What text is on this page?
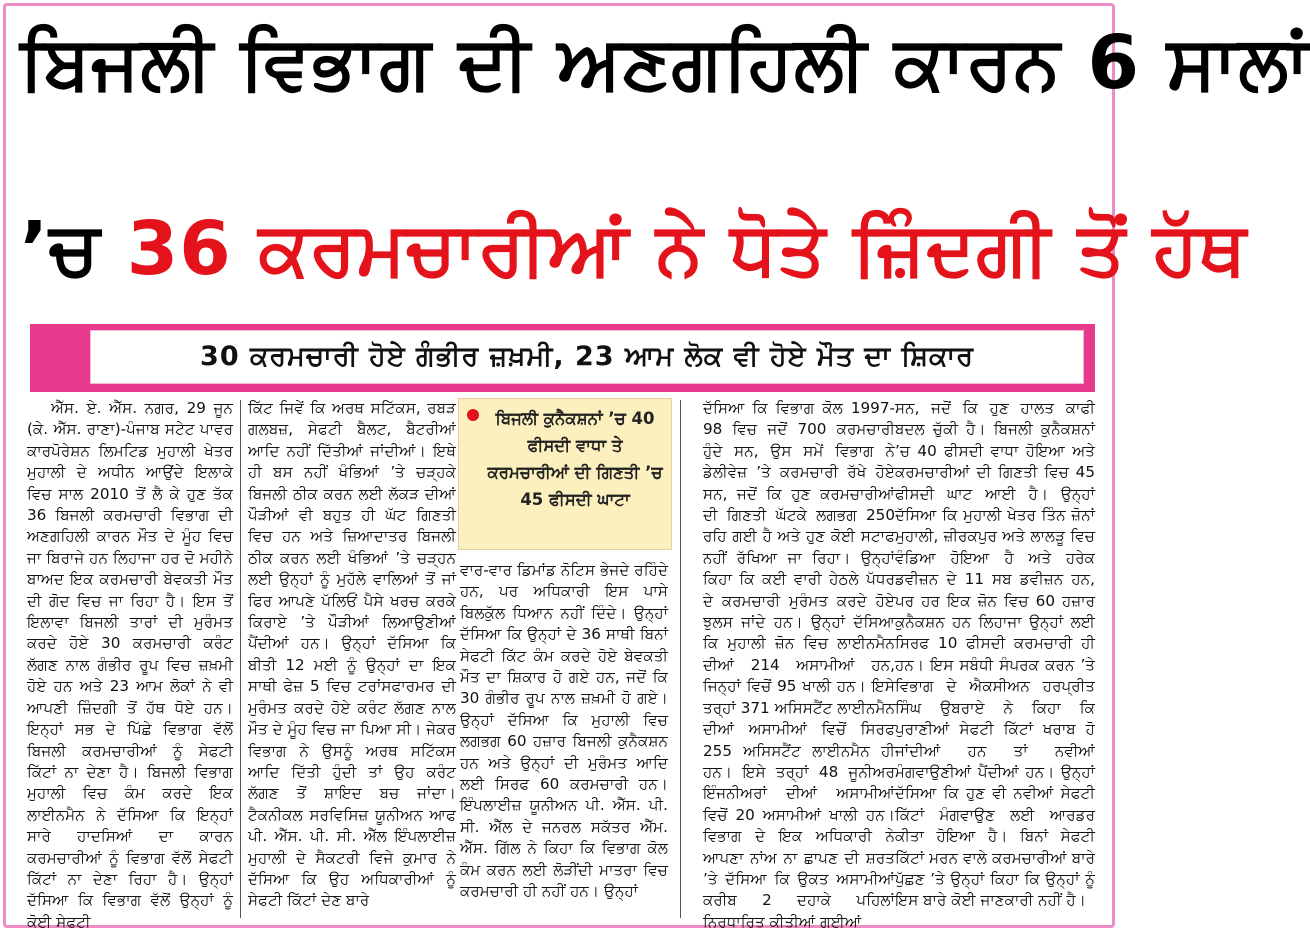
ਬਿਜਲੀ ਵਿਭਾਗ ਦੀ ਅਣਗਹਿਲੀ ਕਾਰਨ 6 ਸਾਲਾਂ
’ਚ 36 ਕਰਮਚਾਰੀਆਂ ਨੇ ਧੋਤੇ ਜ਼ਿੰਦਗੀ ਤੋਂ ਹੱਥ
30 ਕਰਮਚਾਰੀ ਹੋਏ ਗੰਭੀਰ ਜ਼ਖ਼ਮੀ, 23 ਆਮ ਲੋਕ ਵੀ ਹੋਏ ਮੌਤ ਦਾ ਸ਼ਿਕਾਰ

ਐੱਸ. ਏ. ਐੱਸ. ਨਗਰ, 29 ਜੂਨ (ਕੇ. ਐੱਸ. ਰਾਣਾ)-ਪੰਜਾਬ ਸਟੇਟ ਪਾਵਰ ਕਾਰਪੋਰੇਸ਼ਨ ਲਿਮਟਿਡ ਮੁਹਾਲੀ ਖੇਤਰ ਮੁਹਾਲੀ ਦੇ ਅਧੀਨ ਆਉਂਦੇ ਇਲਾਕੇ ਵਿਚ ਸਾਲ 2010 ਤੋਂ ਲੈ ਕੇ ਹੁਣ ਤੱਕ 36 ਬਿਜਲੀ ਕਰਮਚਾਰੀ ਵਿਭਾਗ ਦੀ ਅਣਗਹਿਲੀ ਕਾਰਨ ਮੌਤ ਦੇ ਮੂੰਹ ਵਿਚ ਜਾ ਬਿਰਾਜੇ ਹਨ ਲਿਹਾਜਾ ਹਰ ਦੋ ਮਹੀਨੇ ਬਾਅਦ ਇਕ ਕਰਮਚਾਰੀ ਬੇਵਕਤੀ ਮੌਤ ਦੀ ਗੋਦ ਵਿਚ ਜਾ ਰਿਹਾ ਹੈ। ਇਸ ਤੋਂ ਇਲਾਵਾ ਬਿਜਲੀ ਤਾਰਾਂ ਦੀ ਮੁਰੰਮਤ ਕਰਦੇ ਹੋਏ 30 ਕਰਮਚਾਰੀ ਕਰੰਟ ਲੱਗਣ ਨਾਲ ਗੰਭੀਰ ਰੂਪ ਵਿਚ ਜ਼ਖ਼ਮੀ ਹੋਏ ਹਨ ਅਤੇ 23 ਆਮ ਲੋਕਾਂ ਨੇ ਵੀ ਆਪਣੀ ਜ਼ਿੰਦਗੀ ਤੋਂ ਹੱਥ ਧੋਏ ਹਨ। ਇਨ੍ਹਾਂ ਸਭ ਦੇ ਪਿੱਛੇ ਵਿਭਾਗ ਵੱਲੋਂ ਬਿਜਲੀ ਕਰਮਚਾਰੀਆਂ ਨੂੰ ਸੇਫਟੀ ਕਿੱਟਾਂ ਨਾ ਦੇਣਾ ਹੈ। ਬਿਜਲੀ ਵਿਭਾਗ ਮੁਹਾਲੀ ਵਿਚ ਕੰਮ ਕਰਦੇ ਇਕ ਲਾਈਨਮੈਨ ਨੇ ਦੱਸਿਆ ਕਿ ਇਨ੍ਹਾਂ ਸਾਰੇ ਹਾਦਸਿਆਂ ਦਾ ਕਾਰਨ ਕਰਮਚਾਰੀਆਂ ਨੂੰ ਵਿਭਾਗ ਵੱਲੋਂ ਸੇਫਟੀ ਕਿੱਟਾਂ ਨਾ ਦੇਣਾ ਰਿਹਾ ਹੈ। ਉਨ੍ਹਾਂ ਦੱਸਿਆ ਕਿ ਵਿਭਾਗ ਵੱਲੋਂ ਉਨ੍ਹਾਂ ਨੂੰ ਕੋਈ ਸੇਫਟੀ

ਕਿੱਟ ਜਿਵੇਂ ਕਿ ਅਰਥ ਸਟਿੱਕਸ, ਰਬੜ ਗਲਬਜ਼, ਸੇਫਟੀ ਬੈਲਟ, ਬੈਟਰੀਆਂ ਆਦਿ ਨਹੀਂ ਦਿੱਤੀਆਂ ਜਾਂਦੀਆਂ। ਇਥੇ ਹੀ ਬਸ ਨਹੀਂ ਖੰਭਿਆਂ ’ਤੇ ਚੜ੍ਹਕੇ ਬਿਜਲੀ ਠੀਕ ਕਰਨ ਲਈ ਲੱਕੜ ਦੀਆਂ ਪੌੜੀਆਂ ਵੀ ਬਹੁਤ ਹੀ ਘੱਟ ਗਿਣਤੀ ਵਿਚ ਹਨ ਅਤੇ ਜ਼ਿਆਦਾਤਰ ਬਿਜਲੀ ਠੀਕ ਕਰਨ ਲਈ ਖੰਭਿਆਂ ’ਤੇ ਚੜ੍ਹਨ ਲਈ ਉਨ੍ਹਾਂ ਨੂੰ ਮੁਹੱਲੇ ਵਾਲਿਆਂ ਤੋਂ ਜਾਂ ਫਿਰ ਆਪਣੇ ਪੱਲਿਓਂ ਪੈਸੇ ਖਰਚ ਕਰਕੇ ਕਿਰਾਏ ’ਤੇ ਪੌੜੀਆਂ ਲਿਆਉਣੀਆਂ ਪੈਂਦੀਆਂ ਹਨ। ਉਨ੍ਹਾਂ ਦੱਸਿਆ ਕਿ ਬੀਤੀ 12 ਮਈ ਨੂੰ ਉਨ੍ਹਾਂ ਦਾ ਇਕ ਸਾਥੀ ਫੇਜ਼ 5 ਵਿਚ ਟਰਾਂਸਫਾਰਮਰ ਦੀ ਮੁਰੰਮਤ ਕਰਦੇ ਹੋਏ ਕਰੰਟ ਲੱਗਣ ਨਾਲ ਮੌਤ ਦੇ ਮੂੰਹ ਵਿਚ ਜਾ ਪਿਆ ਸੀ। ਜੇਕਰ ਵਿਭਾਗ ਨੇ ਉਸਨੂੰ ਅਰਥ ਸਟਿੱਕਸ ਆਦਿ ਦਿੱਤੀ ਹੁੰਦੀ ਤਾਂ ਉਹ ਕਰੰਟ ਲੱਗਣ ਤੋਂ ਸ਼ਾਇਦ ਬਚ ਜਾਂਦਾ। ਟੈਕਨੀਕਲ ਸਰਵਿਸਿਜ਼ ਯੂਨੀਅਨ ਆਫ ਪੀ. ਐੱਸ. ਪੀ. ਸੀ. ਐੱਲ ਇੰਪਲਾਈਜ਼ ਮੁਹਾਲੀ ਦੇ ਸੈਕਟਰੀ ਵਿਜੇ ਕੁਮਾਰ ਨੇ ਦੱਸਿਆ ਕਿ ਉਹ ਅਧਿਕਾਰੀਆਂ ਨੂੰ ਸੇਫਟੀ ਕਿੱਟਾਂ ਦੇਣ ਬਾਰੇ

ਬਿਜਲੀ ਕੁਨੈਕਸ਼ਨਾਂ ’ਚ 40 ਫੀਸਦੀ ਵਾਧਾ ਤੇ ਕਰਮਚਾਰੀਆਂ ਦੀ ਗਿਣਤੀ ’ਚ 45 ਫੀਸਦੀ ਘਾਟਾ

ਵਾਰ-ਵਾਰ ਡਿਮਾਂਡ ਨੋਟਿਸ ਭੇਜਦੇ ਰਹਿੰਦੇ ਹਨ, ਪਰ ਅਧਿਕਾਰੀ ਇਸ ਪਾਸੇ ਬਿਲਕੁੱਲ ਧਿਆਨ ਨਹੀਂ ਦਿੰਦੇ। ਉਨ੍ਹਾਂ ਦੱਸਿਆ ਕਿ ਉਨ੍ਹਾਂ ਦੇ 36 ਸਾਥੀ ਬਿਨਾਂ ਸੇਫਟੀ ਕਿੱਟ ਕੰਮ ਕਰਦੇ ਹੋਏ ਬੇਵਕਤੀ ਮੌਤ ਦਾ ਸ਼ਿਕਾਰ ਹੋ ਗਏ ਹਨ, ਜਦੋਂ ਕਿ 30 ਗੰਭੀਰ ਰੂਪ ਨਾਲ ਜ਼ਖ਼ਮੀ ਹੋ ਗਏ। ਉਨ੍ਹਾਂ ਦੱਸਿਆ ਕਿ ਮੁਹਾਲੀ ਵਿਚ ਲਗਭਗ 60 ਹਜ਼ਾਰ ਬਿਜਲੀ ਕੁਨੈਕਸ਼ਨ ਹਨ ਅਤੇ ਉਨ੍ਹਾਂ ਦੀ ਮੁਰੰਮਤ ਆਦਿ ਲਈ ਸਿਰਫ 60 ਕਰਮਚਾਰੀ ਹਨ। ਇੰਪਲਾਈਜ਼ ਯੂਨੀਅਨ ਪੀ. ਐੱਸ. ਪੀ. ਸੀ. ਐੱਲ ਦੇ ਜਨਰਲ ਸਕੱਤਰ ਐੱਮ. ਐੱਸ. ਗਿੱਲ ਨੇ ਕਿਹਾ ਕਿ ਵਿਭਾਗ ਕੋਲ ਕੰਮ ਕਰਨ ਲਈ ਲੋੜੀਂਦੀ ਮਾਤਰਾ ਵਿਚ ਕਰਮਚਾਰੀ ਹੀ ਨਹੀਂ ਹਨ। ਉਨ੍ਹਾਂ

ਦੱਸਿਆ ਕਿ ਵਿਭਾਗ ਕੋਲ 1997-98 ਵਿਚ ਜਦੋਂ 700 ਕਰਮਚਾਰੀ ਹੁੰਦੇ ਸਨ, ਉਸ ਸਮੇਂ ਵਿਭਾਗ ਨੇ ਡੇਲੀਵੇਜ਼ ’ਤੇ ਕਰਮਚਾਰੀ ਰੱਖੇ ਹੋਏ ਸਨ, ਜਦੋਂ ਕਿ ਹੁਣ ਕਰਮਚਾਰੀਆਂ ਦੀ ਗਿਣਤੀ ਘੱਟਕੇ ਲਗਭਗ 250 ਰਹਿ ਗਈ ਹੈ ਅਤੇ ਹੁਣ ਕੋਈ ਸਟਾਫ ਨਹੀਂ ਰੱਖਿਆ ਜਾ ਰਿਹਾ। ਉਨ੍ਹਾਂ ਕਿਹਾ ਕਿ ਕਈ ਵਾਰੀ ਹੇਠਲੇ ਪੱਧਰ ਦੇ ਕਰਮਚਾਰੀ ਮੁਰੰਮਤ ਕਰਦੇ ਹੋਏ ਝੁਲਸ ਜਾਂਦੇ ਹਨ। ਉਨ੍ਹਾਂ ਦੱਸਿਆ ਕਿ ਮੁਹਾਲੀ ਜ਼ੋਨ ਵਿਚ ਲਾਈਨਮੈਨ ਦੀਆਂ 214 ਅਸਾਮੀਆਂ ਹਨ, ਜਿਨ੍ਹਾਂ ਵਿਚੋਂ 95 ਖਾਲੀ ਹਨ। ਇਸੇ ਤਰ੍ਹਾਂ 371 ਅਸਿਸਟੈਂਟ ਲਾਈਨਮੈਨ ਦੀਆਂ ਅਸਾਮੀਆਂ ਵਿਚੋਂ ਸਿਰਫ 255 ਅਸਿਸਟੈਂਟ ਲਾਈਨਮੈਨ ਹੀ ਹਨ। ਇਸੇ ਤਰ੍ਹਾਂ 48 ਜੂਨੀਅਰ ਇੰਜਨੀਅਰਾਂ ਦੀਆਂ ਅਸਾਮੀਆਂ ਵਿਚੋਂ 20 ਅਸਾਮੀਆਂ ਖਾਲੀ ਹਨ। ਵਿਭਾਗ ਦੇ ਇਕ ਅਧਿਕਾਰੀ ਨੇ ਆਪਣਾ ਨਾਂਅ ਨਾ ਛਾਪਣ ਦੀ ਸ਼ਰਤ ’ਤੇ ਦੱਸਿਆ ਕਿ ਉਕਤ ਅਸਾਮੀਆਂ ਕਰੀਬ 2 ਦਹਾਕੇ ਪਹਿਲਾਂ ਨਿਰਧਾਰਿਤ ਕੀਤੀਆਂ ਗਈਆਂ

ਸਨ, ਜਦੋਂ ਕਿ ਹੁਣ ਹਾਲਤ ਕਾਫੀ ਬਦਲ ਚੁੱਕੀ ਹੈ। ਬਿਜਲੀ ਕੁਨੈਕਸ਼ਨਾਂ ’ਚ 40 ਫੀਸਦੀ ਵਾਧਾ ਹੋਇਆ ਅਤੇ ਕਰਮਚਾਰੀਆਂ ਦੀ ਗਿਣਤੀ ਵਿਚ 45 ਫੀਸਦੀ ਘਾਟ ਆਈ ਹੈ। ਉਨ੍ਹਾਂ ਦੱਸਿਆ ਕਿ ਮੁਹਾਲੀ ਖੇਤਰ ਤਿੰਨ ਜ਼ੋਨਾਂ ਮੁਹਾਲੀ, ਜ਼ੀਰਕਪੁਰ ਅਤੇ ਲਾਲੜੂ ਵਿਚ ਵੰਡਿਆ ਹੋਇਆ ਹੈ ਅਤੇ ਹਰੇਕ ਡਵੀਜ਼ਨ ਦੇ 11 ਸਬ ਡਵੀਜ਼ਨ ਹਨ, ਪਰ ਹਰ ਇਕ ਜ਼ੋਨ ਵਿਚ 60 ਹਜ਼ਾਰ ਕੁਨੈਕਸ਼ਨ ਹਨ ਲਿਹਾਜਾ ਉਨ੍ਹਾਂ ਲਈ ਸਿਰਫ 10 ਫੀਸਦੀ ਕਰਮਚਾਰੀ ਹੀ ਹਨ। ਇਸ ਸਬੰਧੀ ਸੰਪਰਕ ਕਰਨ ’ਤੇ ਵਿਭਾਗ ਦੇ ਐਕਸੀਅਨ ਹਰਪ੍ਰੀਤ ਸਿੰਘ ਉਬਰਾਏ ਨੇ ਕਿਹਾ ਕਿ ਪੁਰਾਣੀਆਂ ਸੇਫਟੀ ਕਿੱਟਾਂ ਖਰਾਬ ਹੋ ਜਾਂਦੀਆਂ ਹਨ ਤਾਂ ਨਵੀਆਂ ਮੰਗਵਾਉਣੀਆਂ ਪੈਂਦੀਆਂ ਹਨ। ਉਨ੍ਹਾਂ ਦੱਸਿਆ ਕਿ ਹੁਣ ਵੀ ਨਵੀਆਂ ਸੇਫਟੀ ਕਿੱਟਾਂ ਮੰਗਵਾਉਣ ਲਈ ਆਰਡਰ ਕੀਤਾ ਹੋਇਆ ਹੈ। ਬਿਨਾਂ ਸੇਫਟੀ ਕਿੱਟਾਂ ਮਰਨ ਵਾਲੇ ਕਰਮਚਾਰੀਆਂ ਬਾਰੇ ਪੁੱਛਣ ’ਤੇ ਉਨ੍ਹਾਂ ਕਿਹਾ ਕਿ ਉਨ੍ਹਾਂ ਨੂੰ ਇਸ ਬਾਰੇ ਕੋਈ ਜਾਣਕਾਰੀ ਨਹੀਂ ਹੈ।
